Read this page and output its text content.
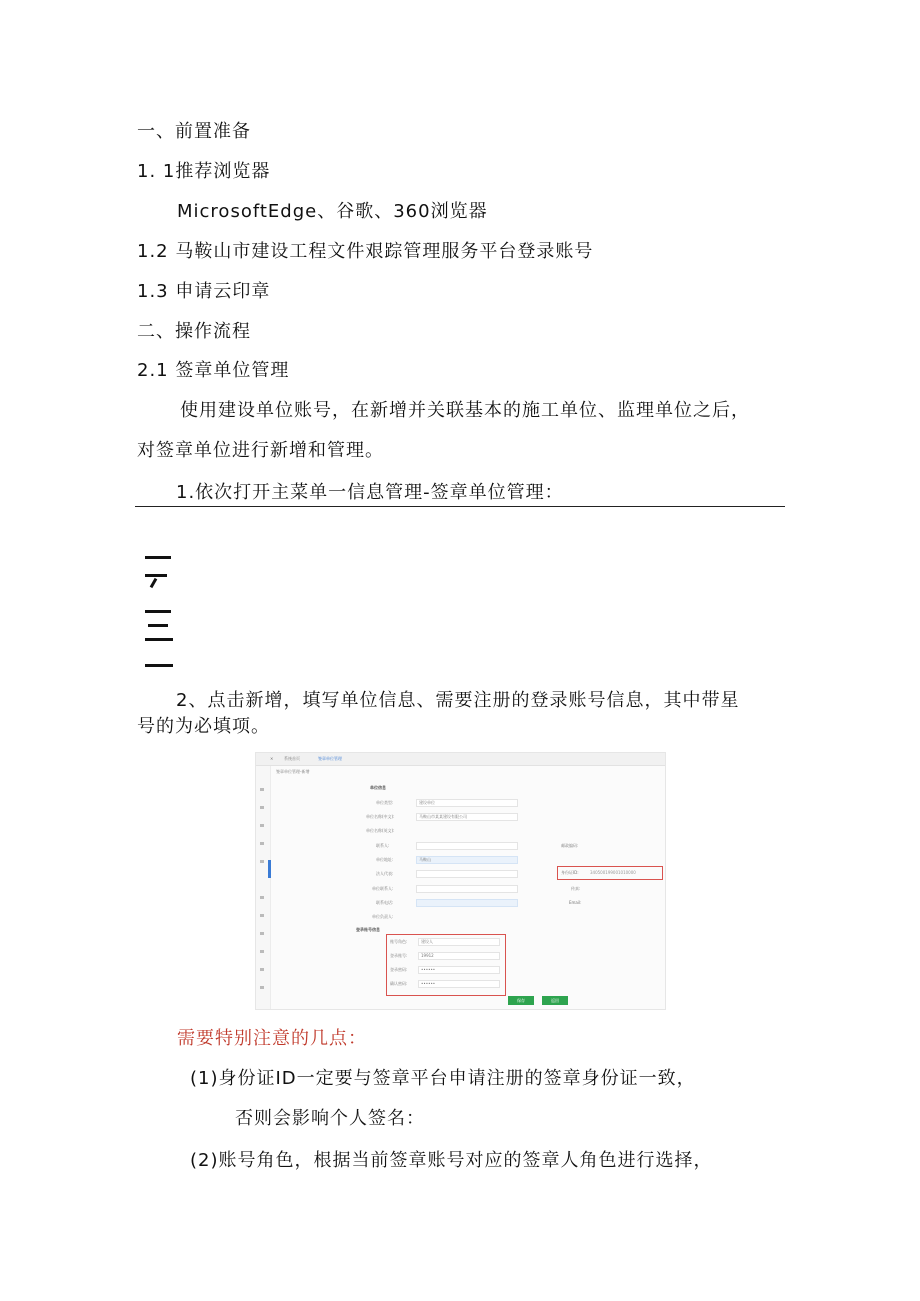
一、前置准备
1. 1推荐浏览器
MicrosoftEdge、谷歌、360浏览器
1.2 马鞍山市建设工程文件艰踪管理服务平台登录账号
1.3 申请云印章
二、操作流程
2.1 签章单位管理
使用建设单位账号，在新增并关联基本的施工单位、监理单位之后，
对签章单位进行新增和管理。
1.依次打开主菜单一信息管理-签章单位管理：
2、点击新增，填写单位信息、需要注册的登录账号信息，其中带星
号的为必填项。
✕	系统首页	签章单位管理
签章单位管理-新增
单位信息
单位类型:	建设单位
单位名称(中文):	马鞍山市某某建设有限公司
单位名称(英文):
联系人:	邮政编码:
单位地址:	马鞍山
法人代表:	身份证ID:	340500199001010000
单位联系人:	传真:
联系电话:	Email:
单位负责人:
登录账号信息
账号角色:	建设人
登录账号:	19912
登录密码:	••••••
确认密码:	••••••
保存	返回
需要特别注意的几点：
(1)身份证ID一定要与签章平台申请注册的签章身份证一致，
否则会影响个人签名：
(2)账号角色，根据当前签章账号对应的签章人角色进行选择，
